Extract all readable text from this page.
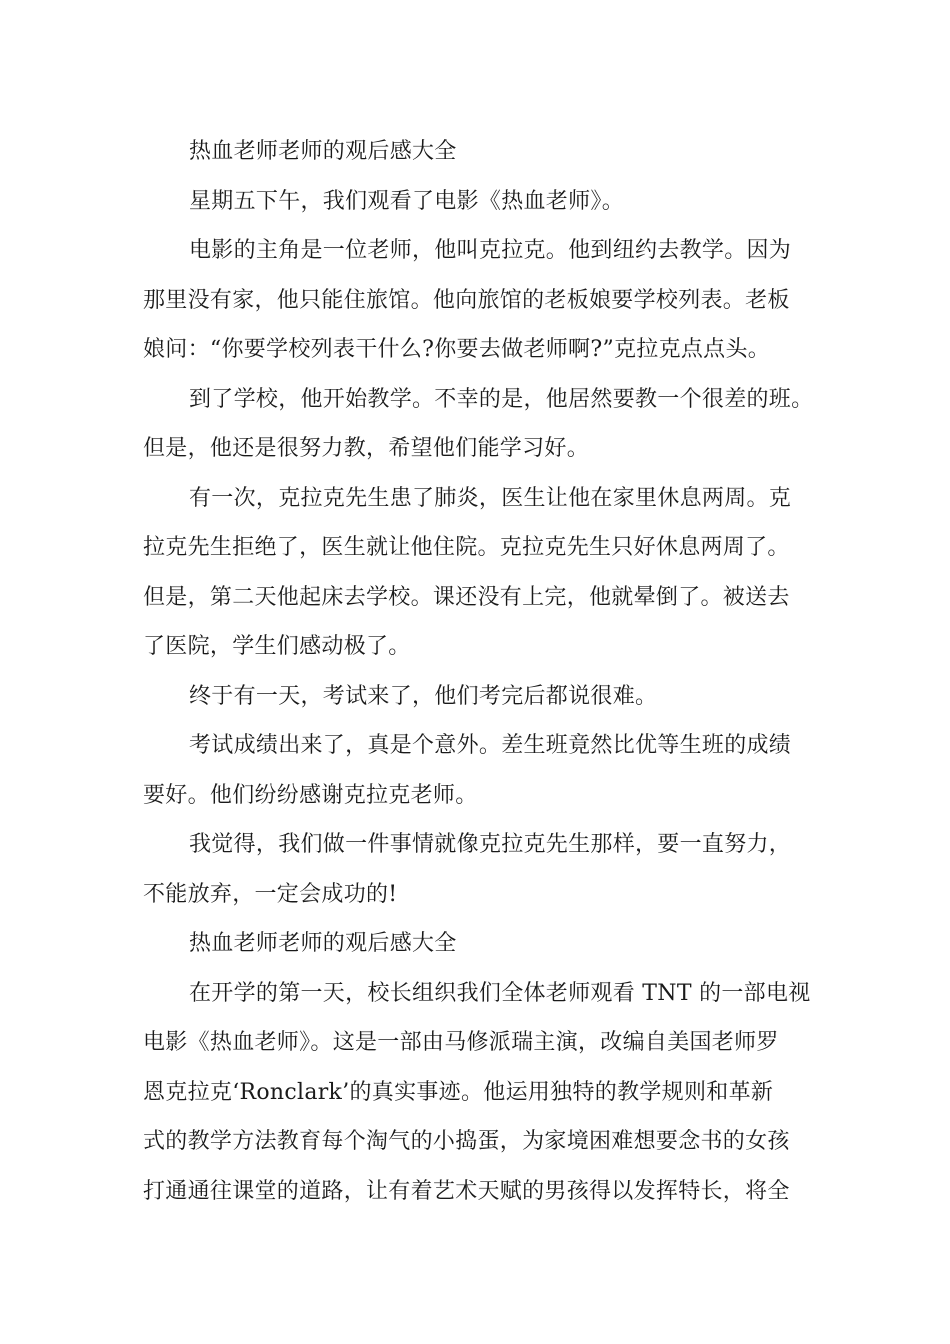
热血老师老师的观后感大全
星期五下午，我们观看了电影《热血老师》。
电影的主角是一位老师，他叫克拉克。他到纽约去教学。因为
那里没有家，他只能住旅馆。他向旅馆的老板娘要学校列表。老板
娘问：“你要学校列表干什么?你要去做老师啊?”克拉克点点头。
到了学校，他开始教学。不幸的是，他居然要教一个很差的班。
但是，他还是很努力教，希望他们能学习好。
有一次，克拉克先生患了肺炎，医生让他在家里休息两周。克
拉克先生拒绝了，医生就让他住院。克拉克先生只好休息两周了。
但是，第二天他起床去学校。课还没有上完，他就晕倒了。被送去
了医院，学生们感动极了。
终于有一天，考试来了，他们考完后都说很难。
考试成绩出来了，真是个意外。差生班竟然比优等生班的成绩
要好。他们纷纷感谢克拉克老师。
我觉得，我们做一件事情就像克拉克先生那样，要一直努力，
不能放弃，一定会成功的!
热血老师老师的观后感大全
在开学的第一天，校长组织我们全体老师观看 TNT 的一部电视
电影《热血老师》。这是一部由马修派瑞主演，改编自美国老师罗
恩克拉克‘Ronclark’的真实事迹。他运用独特的教学规则和革新
式的教学方法教育每个淘气的小捣蛋，为家境困难想要念书的女孩
打通通往课堂的道路，让有着艺术天赋的男孩得以发挥特长，将全
